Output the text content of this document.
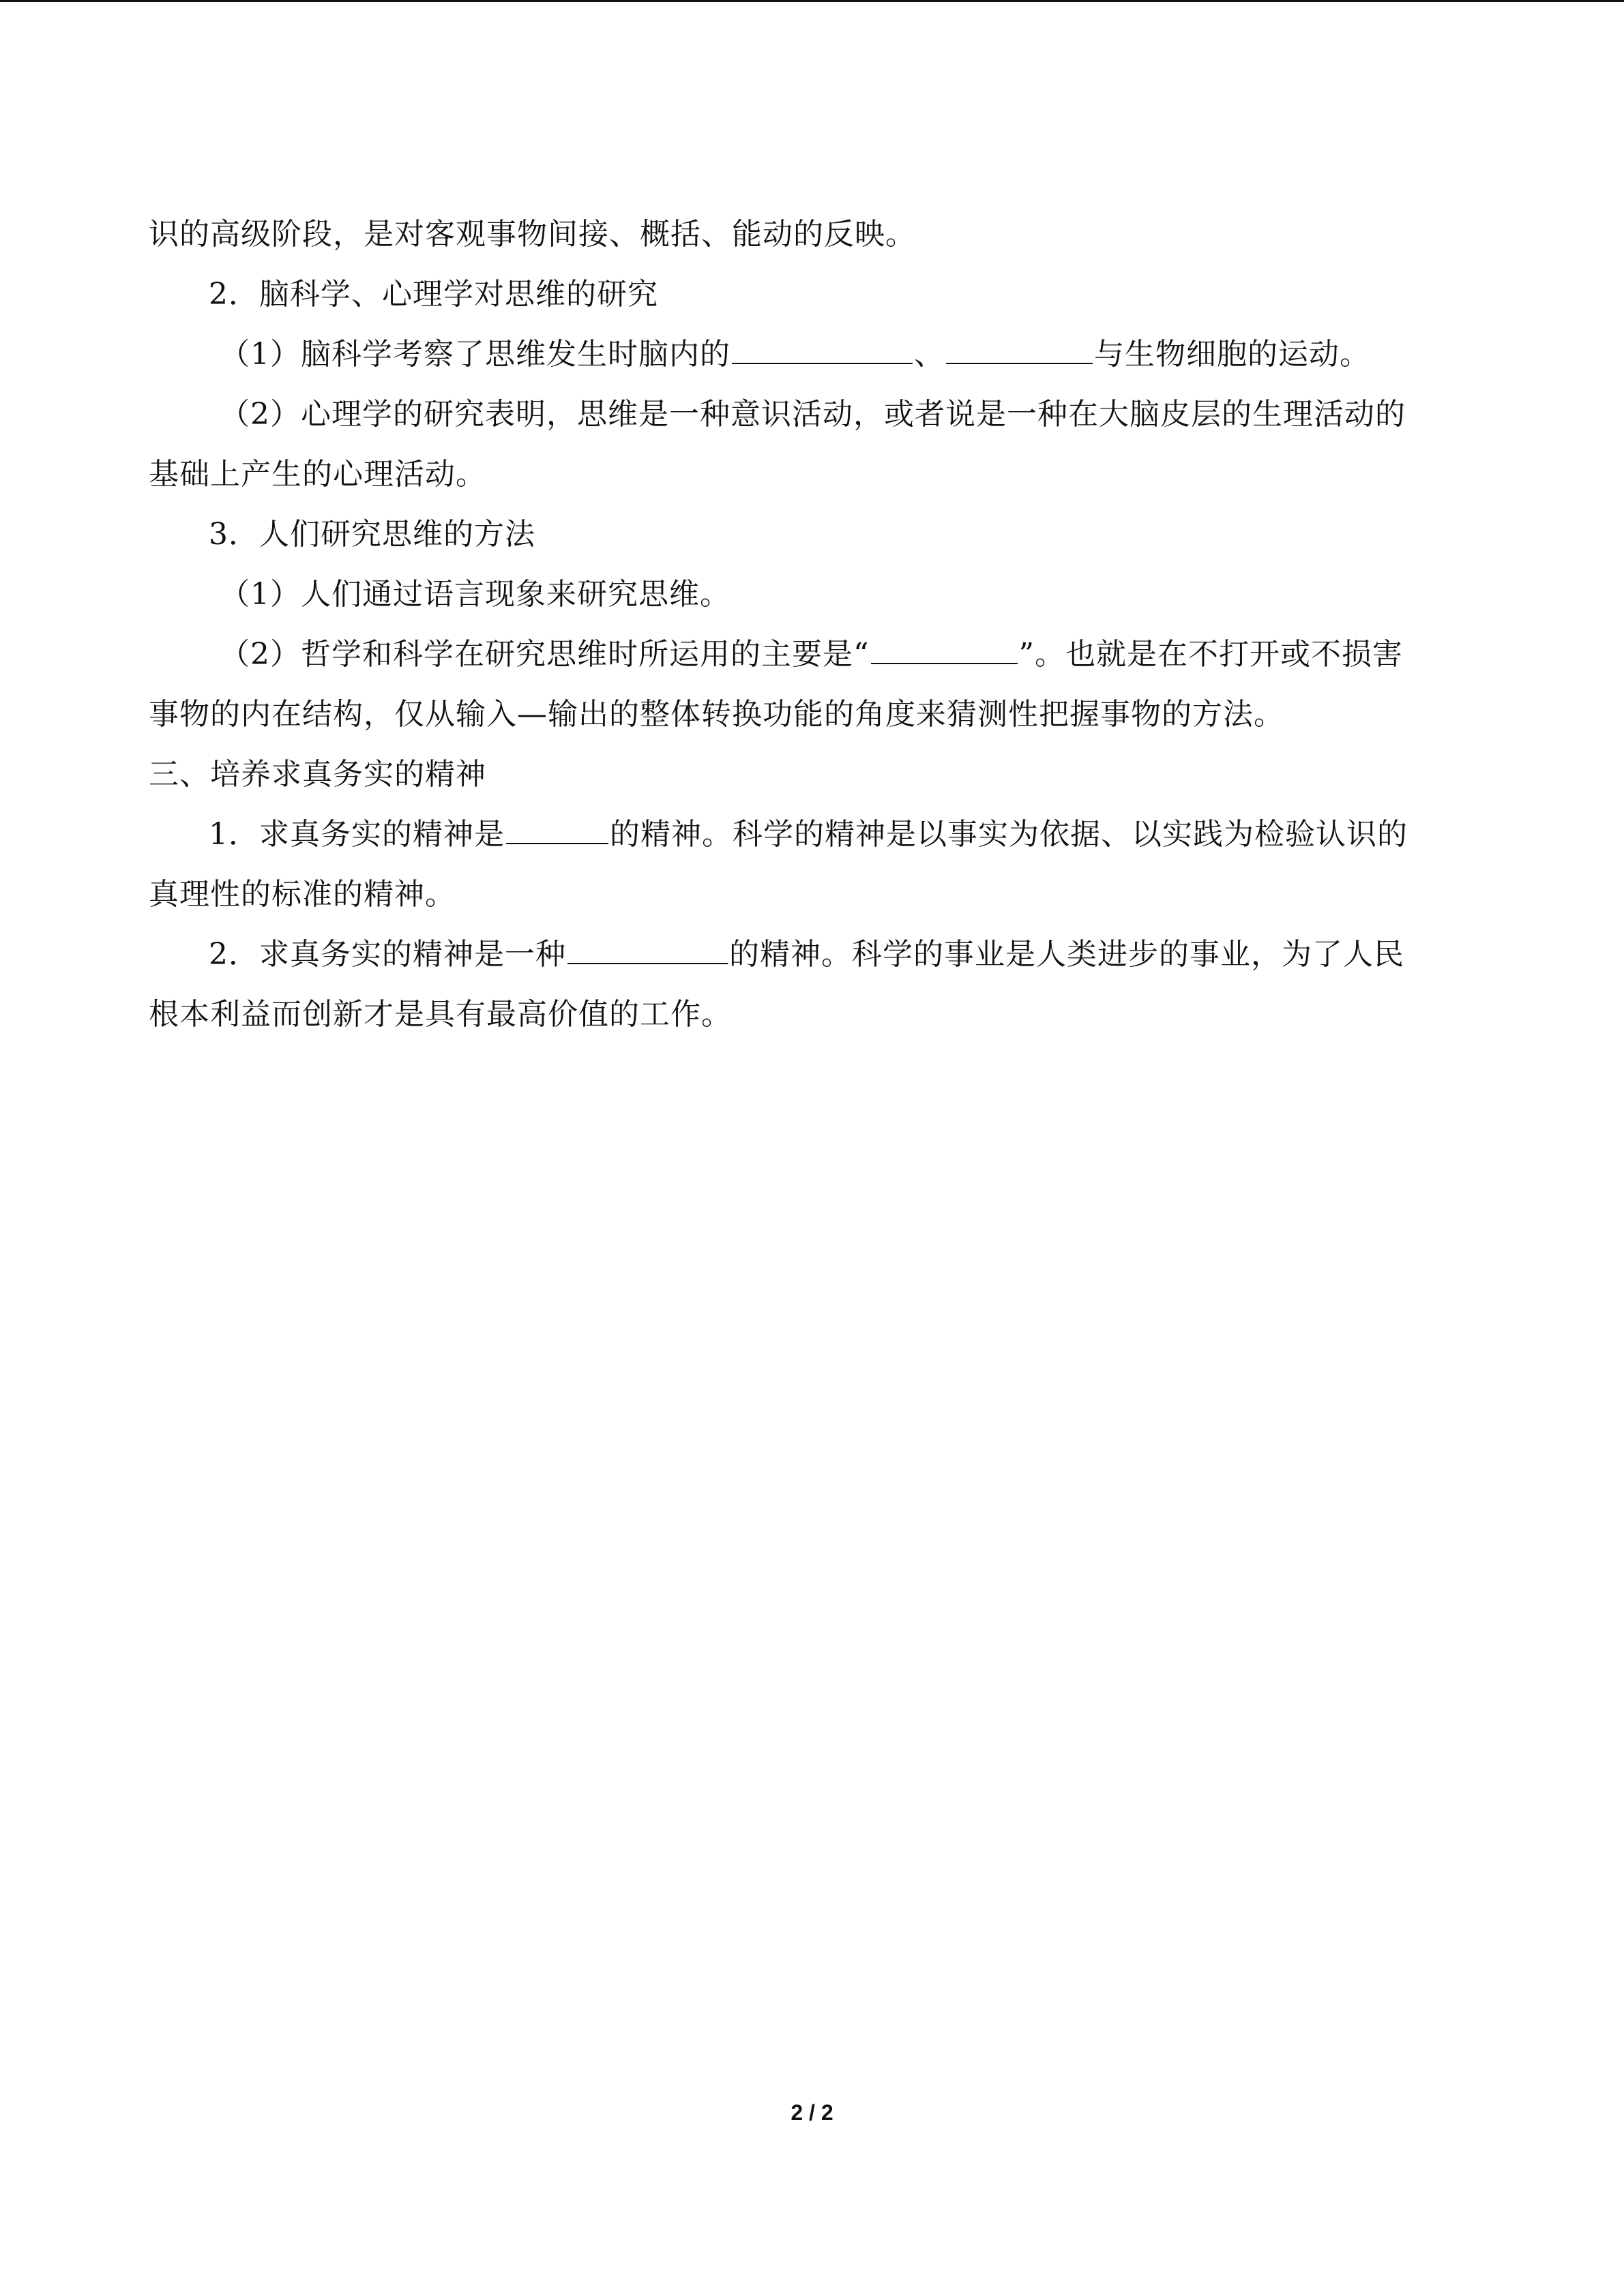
识的高级阶段，是对客观事物间接、概括、能动的反映。
2．脑科学、心理学对思维的研究
（1）脑科学考察了思维发生时脑内的	、	与生物细胞的运动。
（2）心理学的研究表明，思维是一种意识活动，或者说是一种在大脑皮层的生理活动的
基础上产生的心理活动。
3．人们研究思维的方法
（1）人们通过语言现象来研究思维。
（2）哲学和科学在研究思维时所运用的主要是“	”。也就是在不打开或不损害
事物的内在结构，仅从输入—输出的整体转换功能的角度来猜测性把握事物的方法。
三、培养求真务实的精神
1．求真务实的精神是	的精神。科学的精神是以事实为依据、以实践为检验认识的
真理性的标准的精神。
2．求真务实的精神是一种	的精神。科学的事业是人类进步的事业，为了人民
根本利益而创新才是具有最高价值的工作。
2 / 2
